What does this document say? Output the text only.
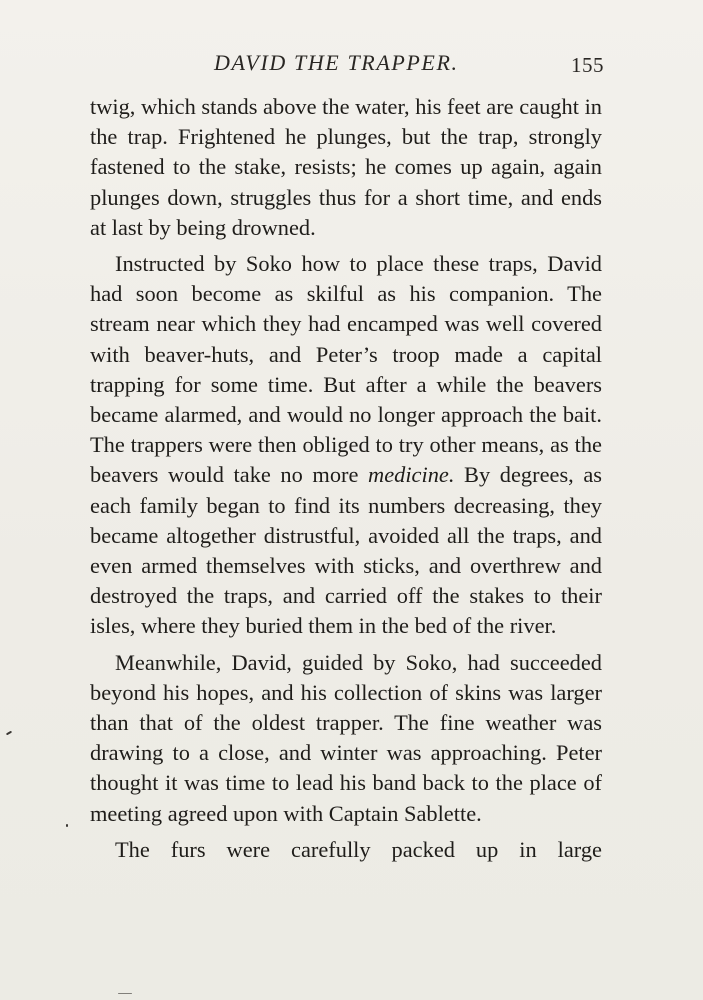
DAVID THE TRAPPER.	155

twig, which stands above the water, his feet are caught in the trap. Frightened he plunges, but the trap, strongly fastened to the stake, resists; he comes up again, again plunges down, struggles thus for a short time, and ends at last by being drowned.

Instructed by Soko how to place these traps, David had soon become as skilful as his companion. The stream near which they had encamped was well covered with beaver-huts, and Peter’s troop made a capital trapping for some time. But after a while the beavers became alarmed, and would no longer approach the bait. The trappers were then obliged to try other means, as the beavers would take no more medicine. By degrees, as each family began to find its numbers decreasing, they became altogether distrustful, avoided all the traps, and even armed themselves with sticks, and overthrew and destroyed the traps, and carried off the stakes to their isles, where they buried them in the bed of the river.

Meanwhile, David, guided by Soko, had succeeded beyond his hopes, and his collection of skins was larger than that of the oldest trapper. The fine weather was drawing to a close, and winter was approaching. Peter thought it was time to lead his band back to the place of meeting agreed upon with Captain Sablette.

The furs were carefully packed up in large
